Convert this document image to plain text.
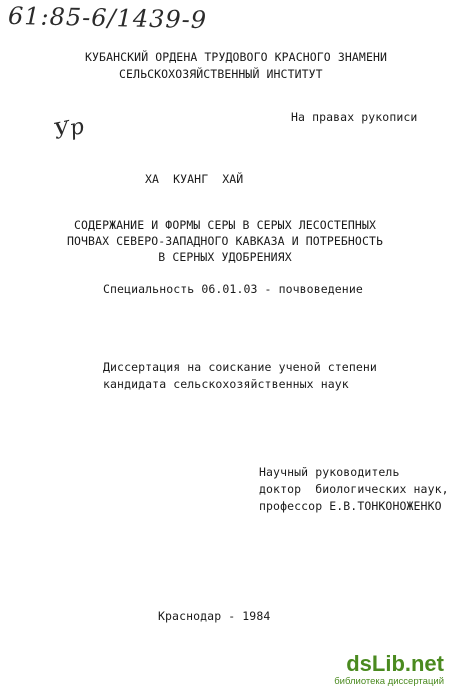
61:85-6/1439-9
КУБАНСКИЙ ОРДЕНА ТРУДОВОГО КРАСНОГО ЗНАМЕНИ
СЕЛЬСКОХОЗЯЙСТВЕННЫЙ ИНСТИТУТ
На правах рукописи
Ур
ХА  КУАНГ  ХАЙ
СОДЕРЖАНИЕ И ФОРМЫ СЕРЫ В СЕРЫХ ЛЕСОСТЕПНЫХ
ПОЧВАХ СЕВЕРО-ЗАПАДНОГО КАВКАЗА И ПОТРЕБНОСТЬ
В СЕРНЫХ УДОБРЕНИЯХ
Специальность 06.01.03 - почвоведение
Диссертация на соискание ученой степени
кандидата сельскохозяйственных наук
Научный руководитель
доктор  биологических наук,
профессор Е.В.ТОНКОНОЖЕНКО
Краснодар - 1984
dsLib.net
библиотека диссертаций
